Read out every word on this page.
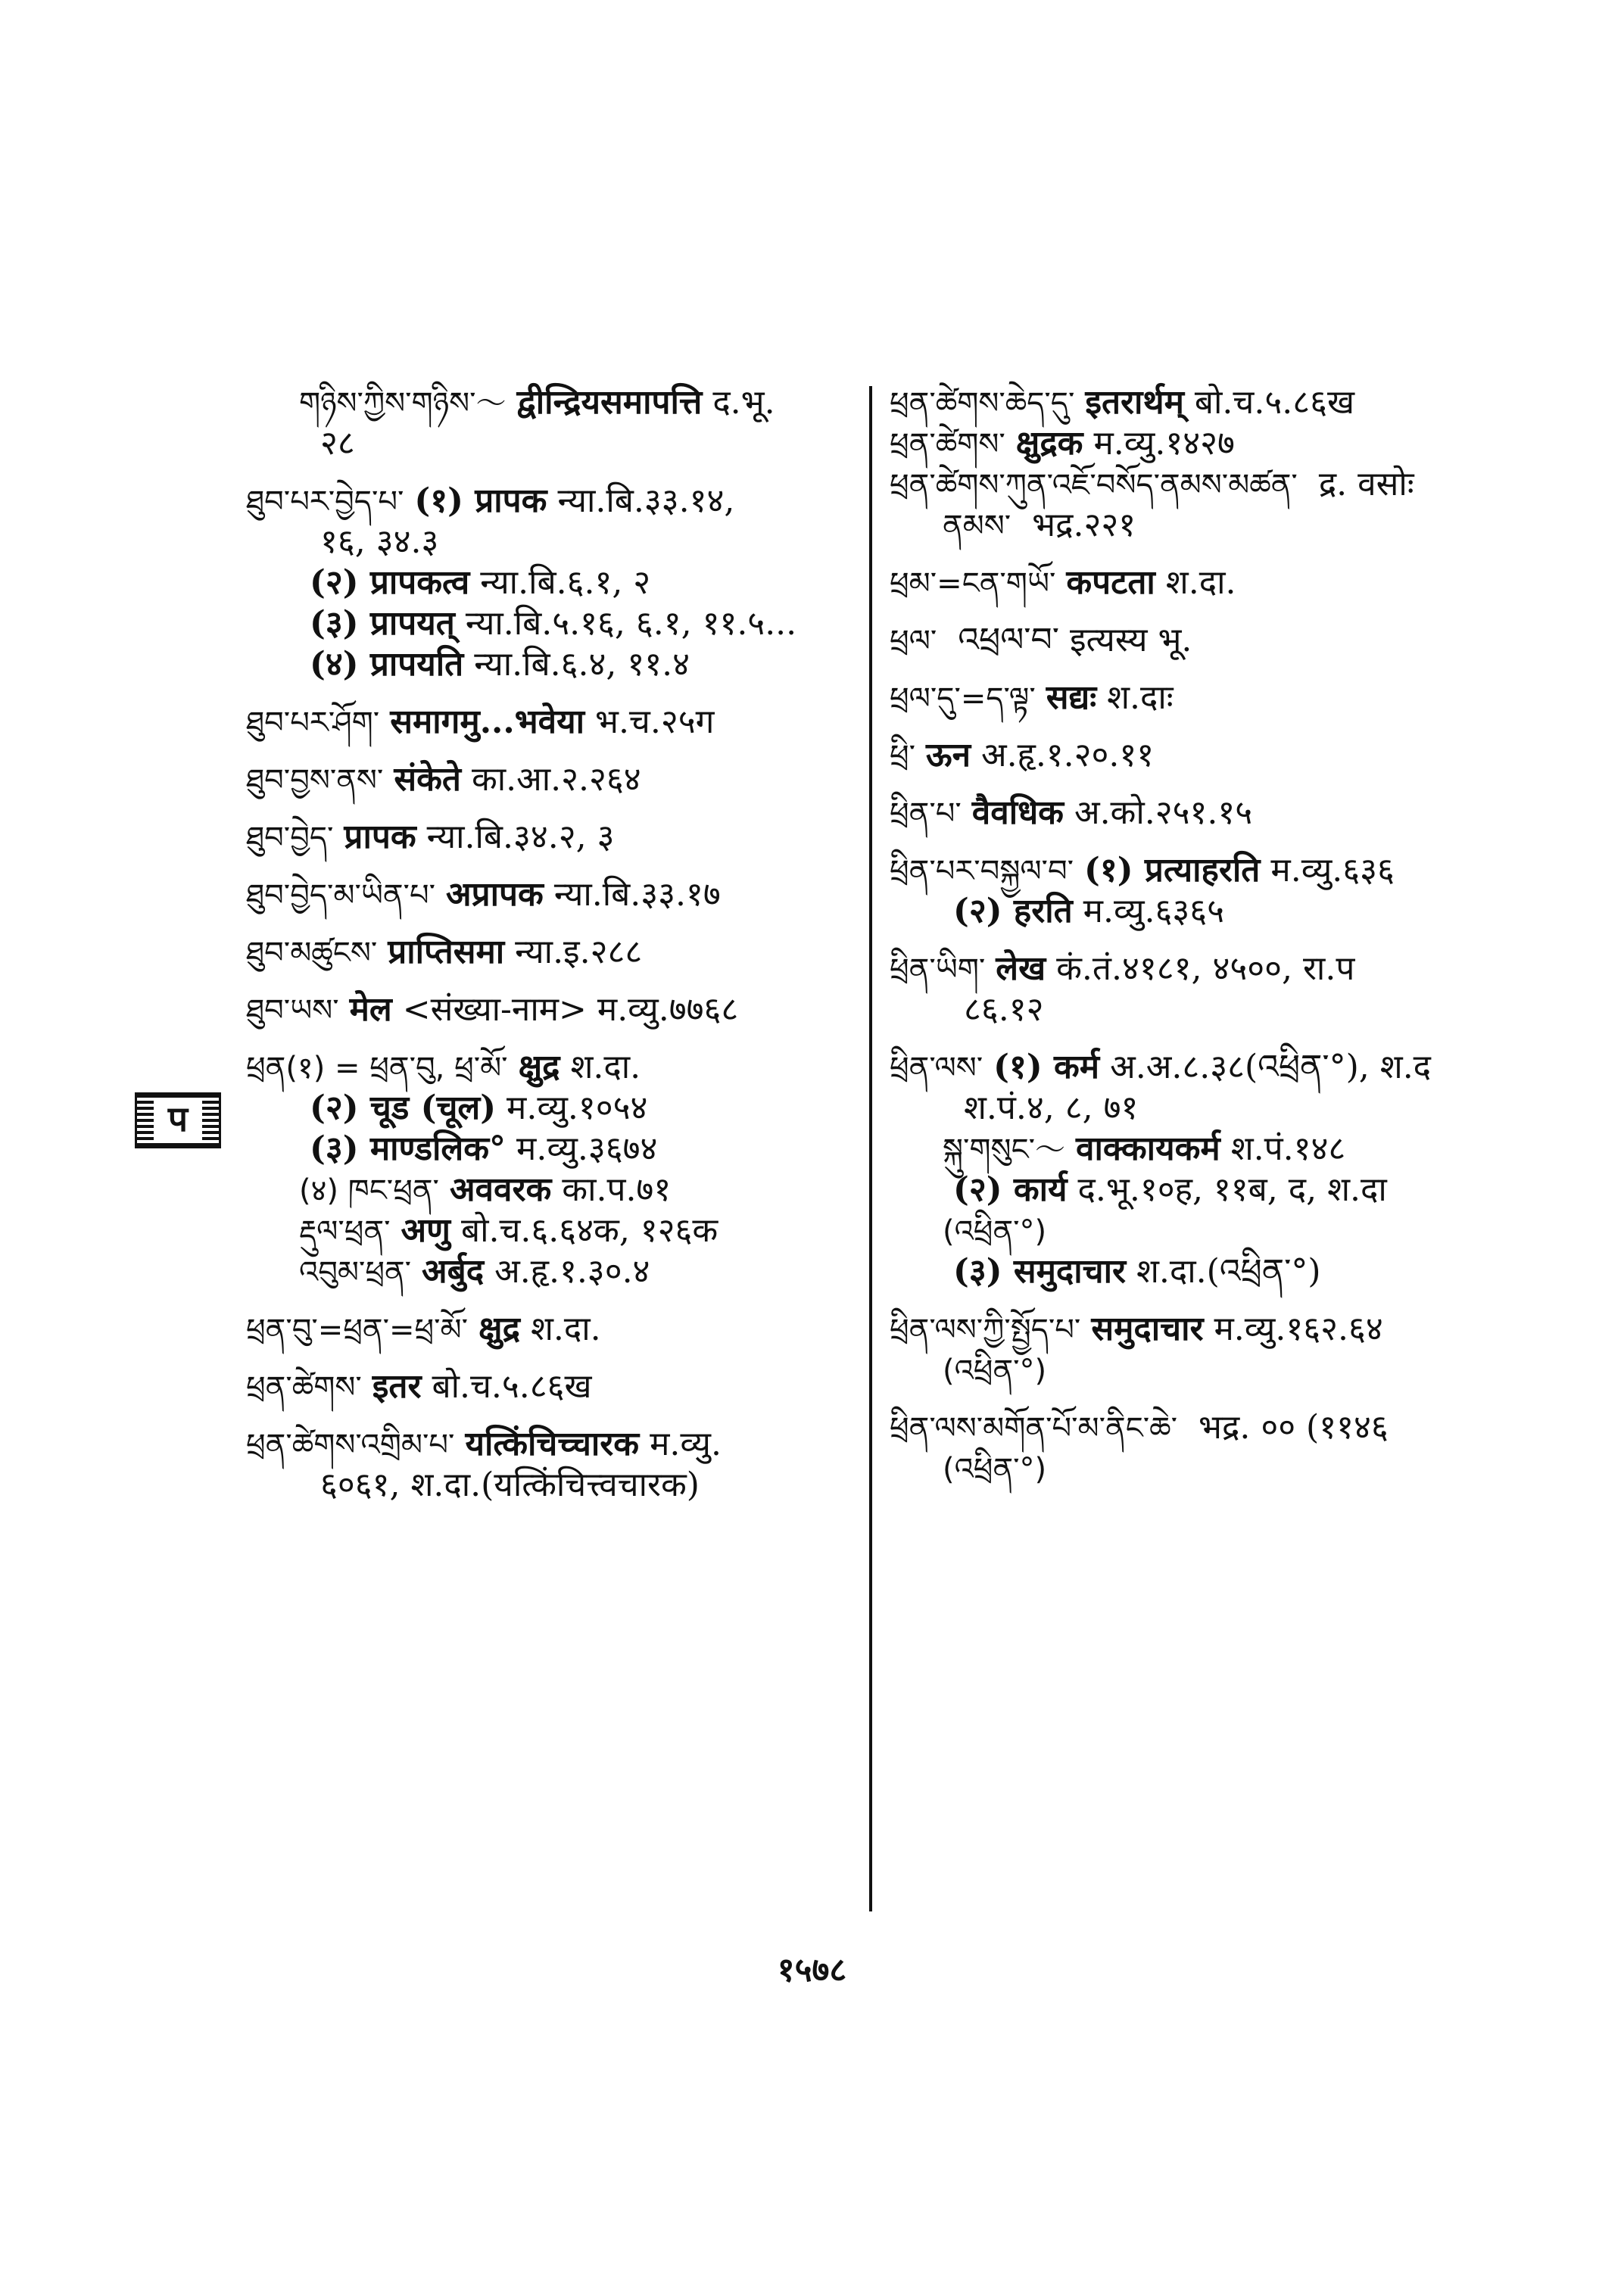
प
གཉིས་ཀྱིས་གཉིས་～ द्वीन्द्रियसमापत्ति द.भू.
२८
ཐུབ་པར་བྱེད་པ་ (१) प्रापक न्या.बि.३३.१४,
१६, ३४.३
(२) प्रापकत्व न्या.बि.६.१, २
(३) प्रापयत् न्या.बि.५.१६, ६.१, ११.५...
(४) प्रापयति न्या.बि.६.४, ११.४
ཐུབ་པར་ཤོག་ समागमु...भवेया भ.च.२५ग
ཐུབ་བྱས་ནས་ संकेते का.आ.२.२६४
ཐུབ་བྱེད་ प्रापक न्या.बि.३४.२, ३
ཐུབ་བྱེད་མ་ཡིན་པ་ अप्रापक न्या.बि.३३.१७
ཐུབ་མཚུངས་ प्राप्तिसमा न्या.इ.२८८
ཐུབ་ཡས་ मेल <संख्या-नाम> म.व्यु.७७६८
ཕྲན(१) = ཕྲན་བུ, ཕྲ་མོ་ क्षुद्र श.दा.
(२) चूड (चूल) म.व्यु.१०५४
(३) माण्डलिक° म.व्यु.३६७४
(४) ཁང་ཕྲན་ अववरक का.प.७१
རྡུལ་ཕྲན་ अणु बो.च.६.६४क, १२६क
འབུམ་ཕྲན་ अर्बुद अ.हृ.१.३०.४
ཕྲན་བུ་=ཕྲན་=ཕྲ་མོ་ क्षुद्र श.दा.
ཕྲན་ཚེགས་ इतर बो.च.५.८६ख
ཕྲན་ཚེགས་འགྲིམ་པ་ यत्किंचिच्चारक म.व्यु.
६०६१, श.दा.(यत्किंचित्त्वचारक)
ཕྲན་ཚེགས་ཆེད་དུ་ इतरार्थम् बो.च.५.८६ख
ཕྲན་ཚེགས་ क्षुद्रक म.व्यु.१४२७
ཕྲན་ཚེགས་ཀུན་འཇོ་བསོད་ནམས་མཚན་ द्र. वसोः
ནམས་ भद्र.२२१
ཕྲམ་=ངན་གཡོ་ कपटता श.दा.
ཕྲལ་ འཕྲལ་བ་ इत्यस्य भू.
ཕྲལ་དུ་=ད་ལྟ་ सद्यः श.दाः
ཕྲི་ ऊन अ.हृ.१.२०.११
ཕྲིན་པ་ वैवधिक अ.को.२५१.१५
ཕྲིན་པར་བསྐྱལ་བ་ (१) प्रत्याहरति म.व्यु.६३६
(२) हरति म.व्यु.६३६५
ཕྲིན་ཡིག་ लेख कं.तं.४१८१, ४५००, रा.प
८६.१२
ཕྲིན་ལས་ (१) कर्म अ.अ.८.३८(འཕྲིན་°), श.द
श.पं.४, ८, ७१
སྐུ་གསུང་～ वाक्कायकर्म श.पं.१४८
(२) कार्य द.भू.१०ह, ११ब, द, श.दा
(འཕྲིན་°)
(३) समुदाचार श.दा.(འཕྲིན་°)
ཕྲིན་ལས་ཀྱི་སྤྱོད་པ་ समुदाचार म.व्यु.१६२.६४
(འཕྲིན་°)
ཕྲིན་ལས་མགོན་པོ་མ་ནིང་ཆེ་ भद्र. ०० (११४६
(འཕྲིན་°)
१५७८
